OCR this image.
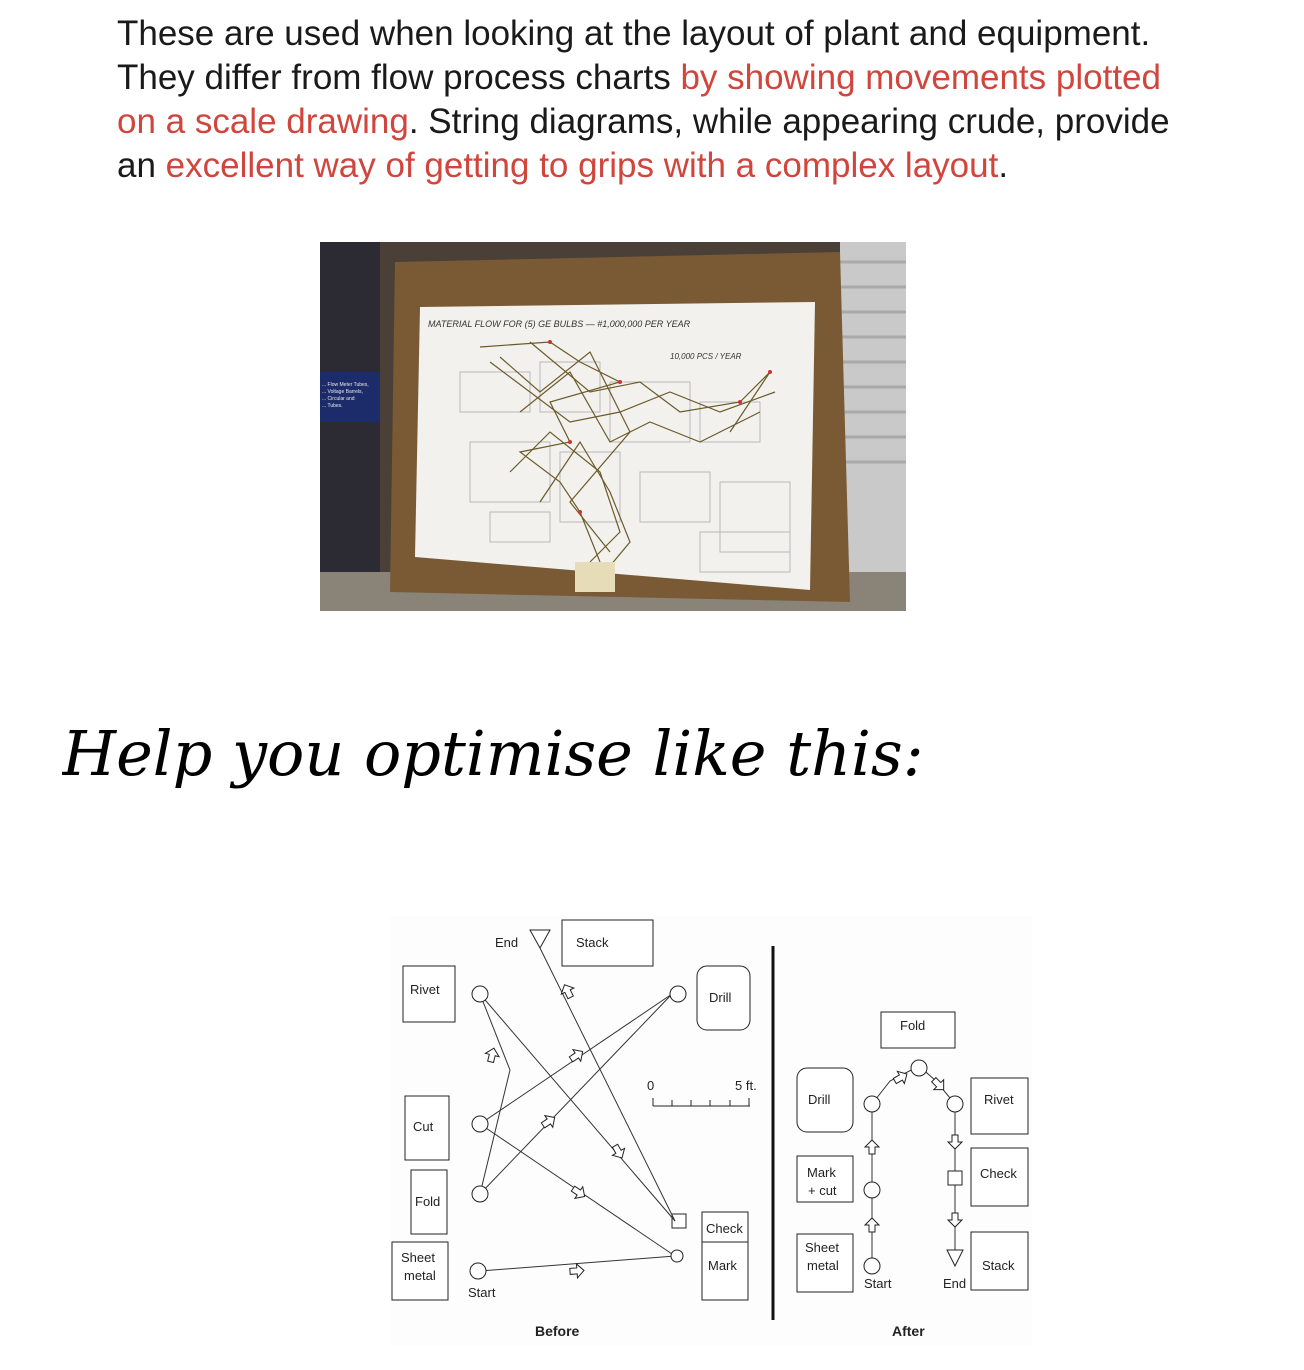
These are used when looking at the layout of plant and equipment. They differ from flow process charts by showing movements plotted on a scale drawing. String diagrams, while appearing crude, provide an excellent way of getting to grips with a complex layout.

... Flow Meter Tubes,
... Voltage Barrels,
... Circular and
... Tubes.
MATERIAL FLOW FOR (5) GE BULBS — #1,000,000 PER YEAR
10,000 PCS / YEAR
Help you optimise like this:
Rivet
Cut
Fold
Sheet
metal
Stack
Drill
Check
Mark
End
Start
0	5 ft.
Before
Fold
Drill
Mark
+ cut
Sheet
metal
Rivet
Check
Stack
Start	End
After
